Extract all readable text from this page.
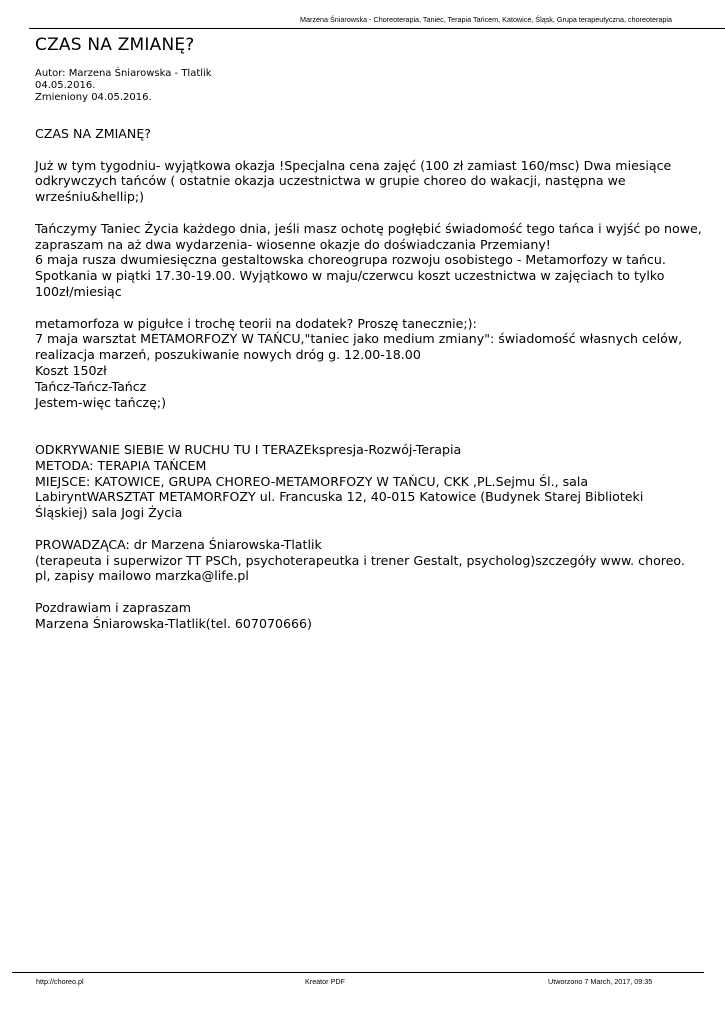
Marzena Śniarowska - Choreoterapia, Taniec, Terapia Tańcem, Katowice, Śląsk, Grupa terapeutyczna, choreoterapia
CZAS NA ZMIANĘ?
Autor: Marzena Śniarowska - Tlatlik
04.05.2016.
Zmieniony 04.05.2016.
CZAS NA ZMIANĘ?
Już w tym tygodniu- wyjątkowa okazja !Specjalna cena zajęć (100 zł zamiast 160/msc) Dwa miesiące
odkrywczych tańców ( ostatnie okazja uczestnictwa w grupie choreo do wakacji, następna we
wrześniu&hellip;)
Tańczymy Taniec Życia każdego dnia, jeśli masz ochotę pogłębić świadomość tego tańca i wyjść po nowe,
zapraszam na aż dwa wydarzenia- wiosenne okazje do doświadczania Przemiany!
6 maja rusza dwumiesięczna gestaltowska choreogrupa rozwoju osobistego - Metamorfozy w tańcu.
Spotkania w piątki 17.30-19.00. Wyjątkowo w maju/czerwcu koszt uczestnictwa w zajęciach to tylko
100zł/miesiąc
metamorfoza w pigułce i trochę teorii na dodatek? Proszę tanecznie;):
7 maja warsztat METAMORFOZY W TAŃCU,"taniec jako medium zmiany": świadomość własnych celów,
realizacja marzeń, poszukiwanie nowych dróg g. 12.00-18.00
Koszt 150zł
Tańcz-Tańcz-Tańcz
Jestem-więc tańczę;)
ODKRYWANIE SIEBIE W RUCHU TU I TERAZEkspresja-Rozwój-Terapia
METODA: TERAPIA TAŃCEM
MIEJSCE: KATOWICE, GRUPA CHOREO-METAMORFOZY W TAŃCU, CKK ,PL.Sejmu Śl., sala
LabiryntWARSZTAT METAMORFOZY ul. Francuska 12, 40-015 Katowice (Budynek Starej Biblioteki
Śląskiej) sala Jogi Życia
PROWADZĄCA: dr Marzena Śniarowska-Tlatlik
(terapeuta i superwizor TT PSCh, psychoterapeutka i trener Gestalt, psycholog)szczegóły www. choreo.
pl, zapisy mailowo marzka@life.pl
Pozdrawiam i zapraszam
Marzena Śniarowska-Tlatlik(tel. 607070666)
http://choreo.pl	Kreator PDF	Utworzono 7 March, 2017, 09:35
